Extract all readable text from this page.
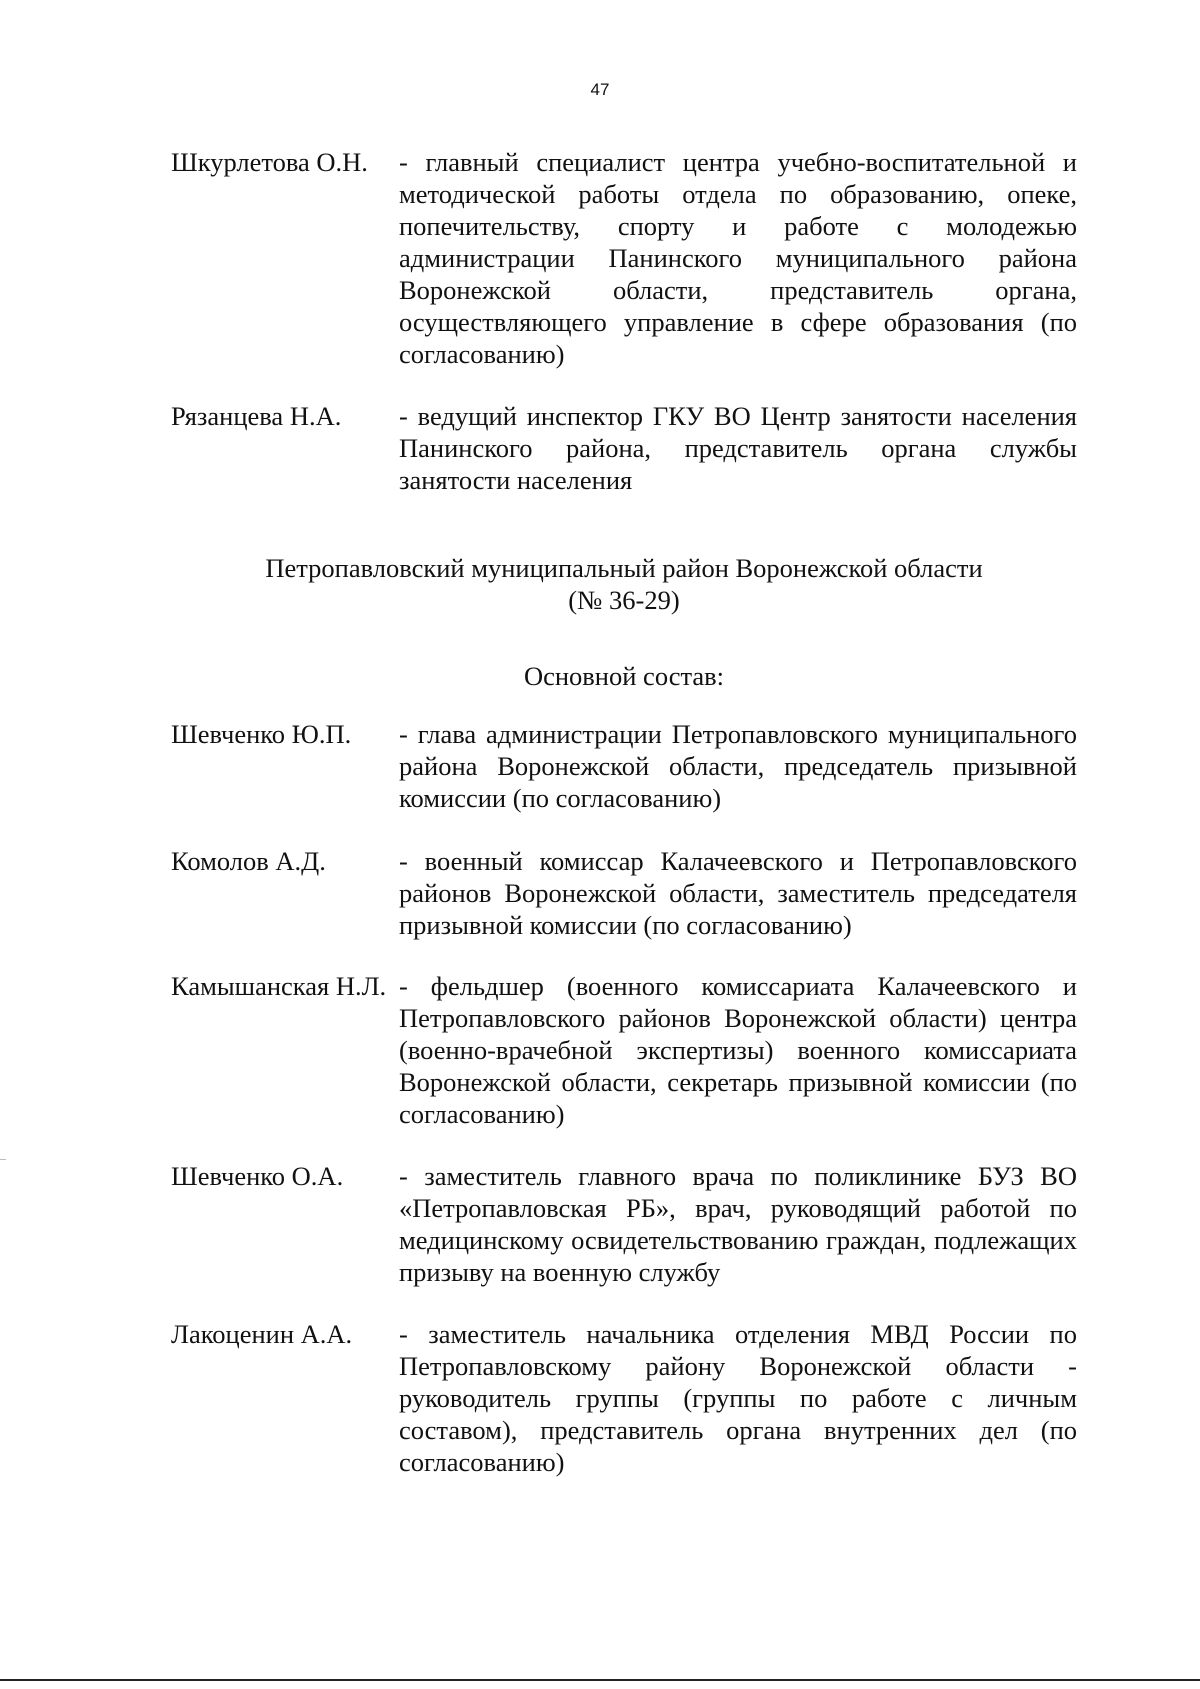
47
Шкурлетова О.Н.	- главный специалист центра учебно-воспитательной и методической работы отдела по образованию, опеке, попечительству, спорту и работе с молодежью администрации Панинского муниципального района Воронежской области, представитель органа, осуществляющего управление в сфере образования (по согласованию)
Рязанцева Н.А.	- ведущий инспектор ГКУ ВО Центр занятости населения Панинского района, представитель органа службы занятости населения
Петропавловский муниципальный район Воронежской области
(№ 36-29)
Основной состав:
Шевченко Ю.П.	- глава администрации Петропавловского муниципального района Воронежской области, председатель призывной комиссии (по согласованию)
Комолов А.Д.	- военный комиссар Калачеевского и Петропавловского районов Воронежской области, заместитель председателя призывной комиссии (по согласованию)
Камышанская Н.Л. - фельдшер (военного комиссариата Калачеевского и Петропавловского районов Воронежской области) центра (военно-врачебной экспертизы) военного комиссариата Воронежской области, секретарь призывной комиссии (по согласованию)
Шевченко О.А.	- заместитель главного врача по поликлинике БУЗ ВО «Петропавловская РБ», врач, руководящий работой по медицинскому освидетельствованию граждан, подлежащих призыву на военную службу
Лакоценин А.А.	- заместитель начальника отделения МВД России по Петропавловскому району Воронежской области - руководитель группы (группы по работе с личным составом), представитель органа внутренних дел (по согласованию)
